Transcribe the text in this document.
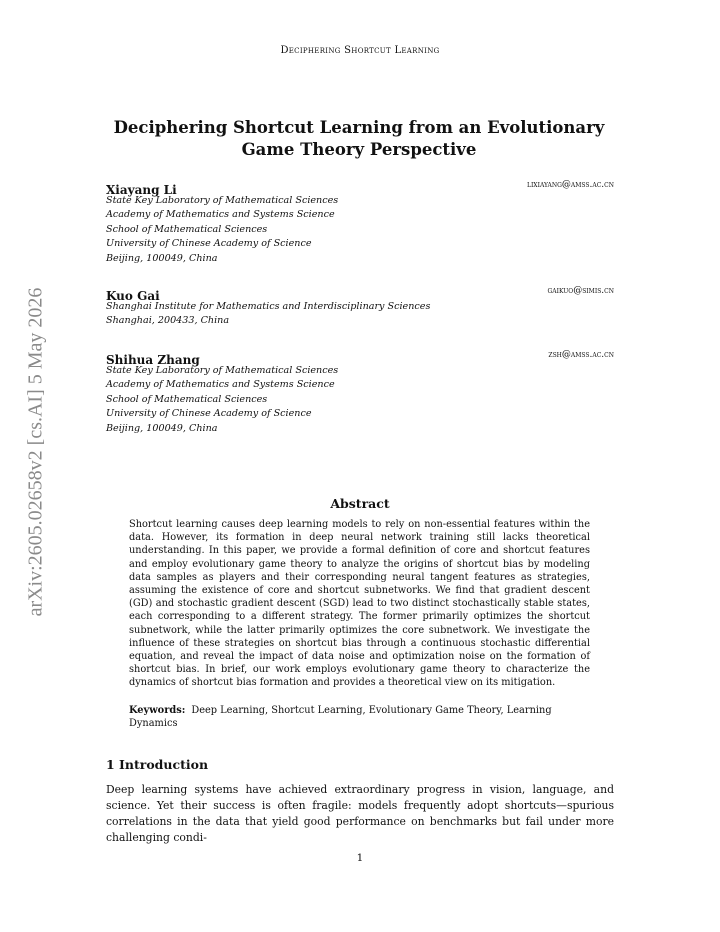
Deciphering Shortcut Learning
arXiv:2605.02658v2 [cs.AI] 5 May 2026
Deciphering Shortcut Learning from an Evolutionary Game Theory Perspective
Xiayang Li	lixiayang@amss.ac.cn
State Key Laboratory of Mathematical Sciences
Academy of Mathematics and Systems Science
School of Mathematical Sciences
University of Chinese Academy of Science
Beijing, 100049, China
Kuo Gai	gaikuo@simis.cn
Shanghai Institute for Mathematics and Interdisciplinary Sciences
Shanghai, 200433, China
Shihua Zhang	zsh@amss.ac.cn
State Key Laboratory of Mathematical Sciences
Academy of Mathematics and Systems Science
School of Mathematical Sciences
University of Chinese Academy of Science
Beijing, 100049, China
Abstract
Shortcut learning causes deep learning models to rely on non-essential features within the data. However, its formation in deep neural network training still lacks theoretical understanding. In this paper, we provide a formal definition of core and shortcut features and employ evolutionary game theory to analyze the origins of shortcut bias by modeling data samples as players and their corresponding neural tangent features as strategies, assuming the existence of core and shortcut subnetworks. We find that gradient descent (GD) and stochastic gradient descent (SGD) lead to two distinct stochastically stable states, each corresponding to a different strategy. The former primarily optimizes the shortcut subnetwork, while the latter primarily optimizes the core subnetwork. We investigate the influence of these strategies on shortcut bias through a continuous stochastic differential equation, and reveal the impact of data noise and optimization noise on the formation of shortcut bias. In brief, our work employs evolutionary game theory to characterize the dynamics of shortcut bias formation and provides a theoretical view on its mitigation.
Keywords: Deep Learning, Shortcut Learning, Evolutionary Game Theory, Learning Dynamics
1 Introduction
Deep learning systems have achieved extraordinary progress in vision, language, and science. Yet their success is often fragile: models frequently adopt shortcuts—spurious correlations in the data that yield good performance on benchmarks but fail under more challenging condi-
1
